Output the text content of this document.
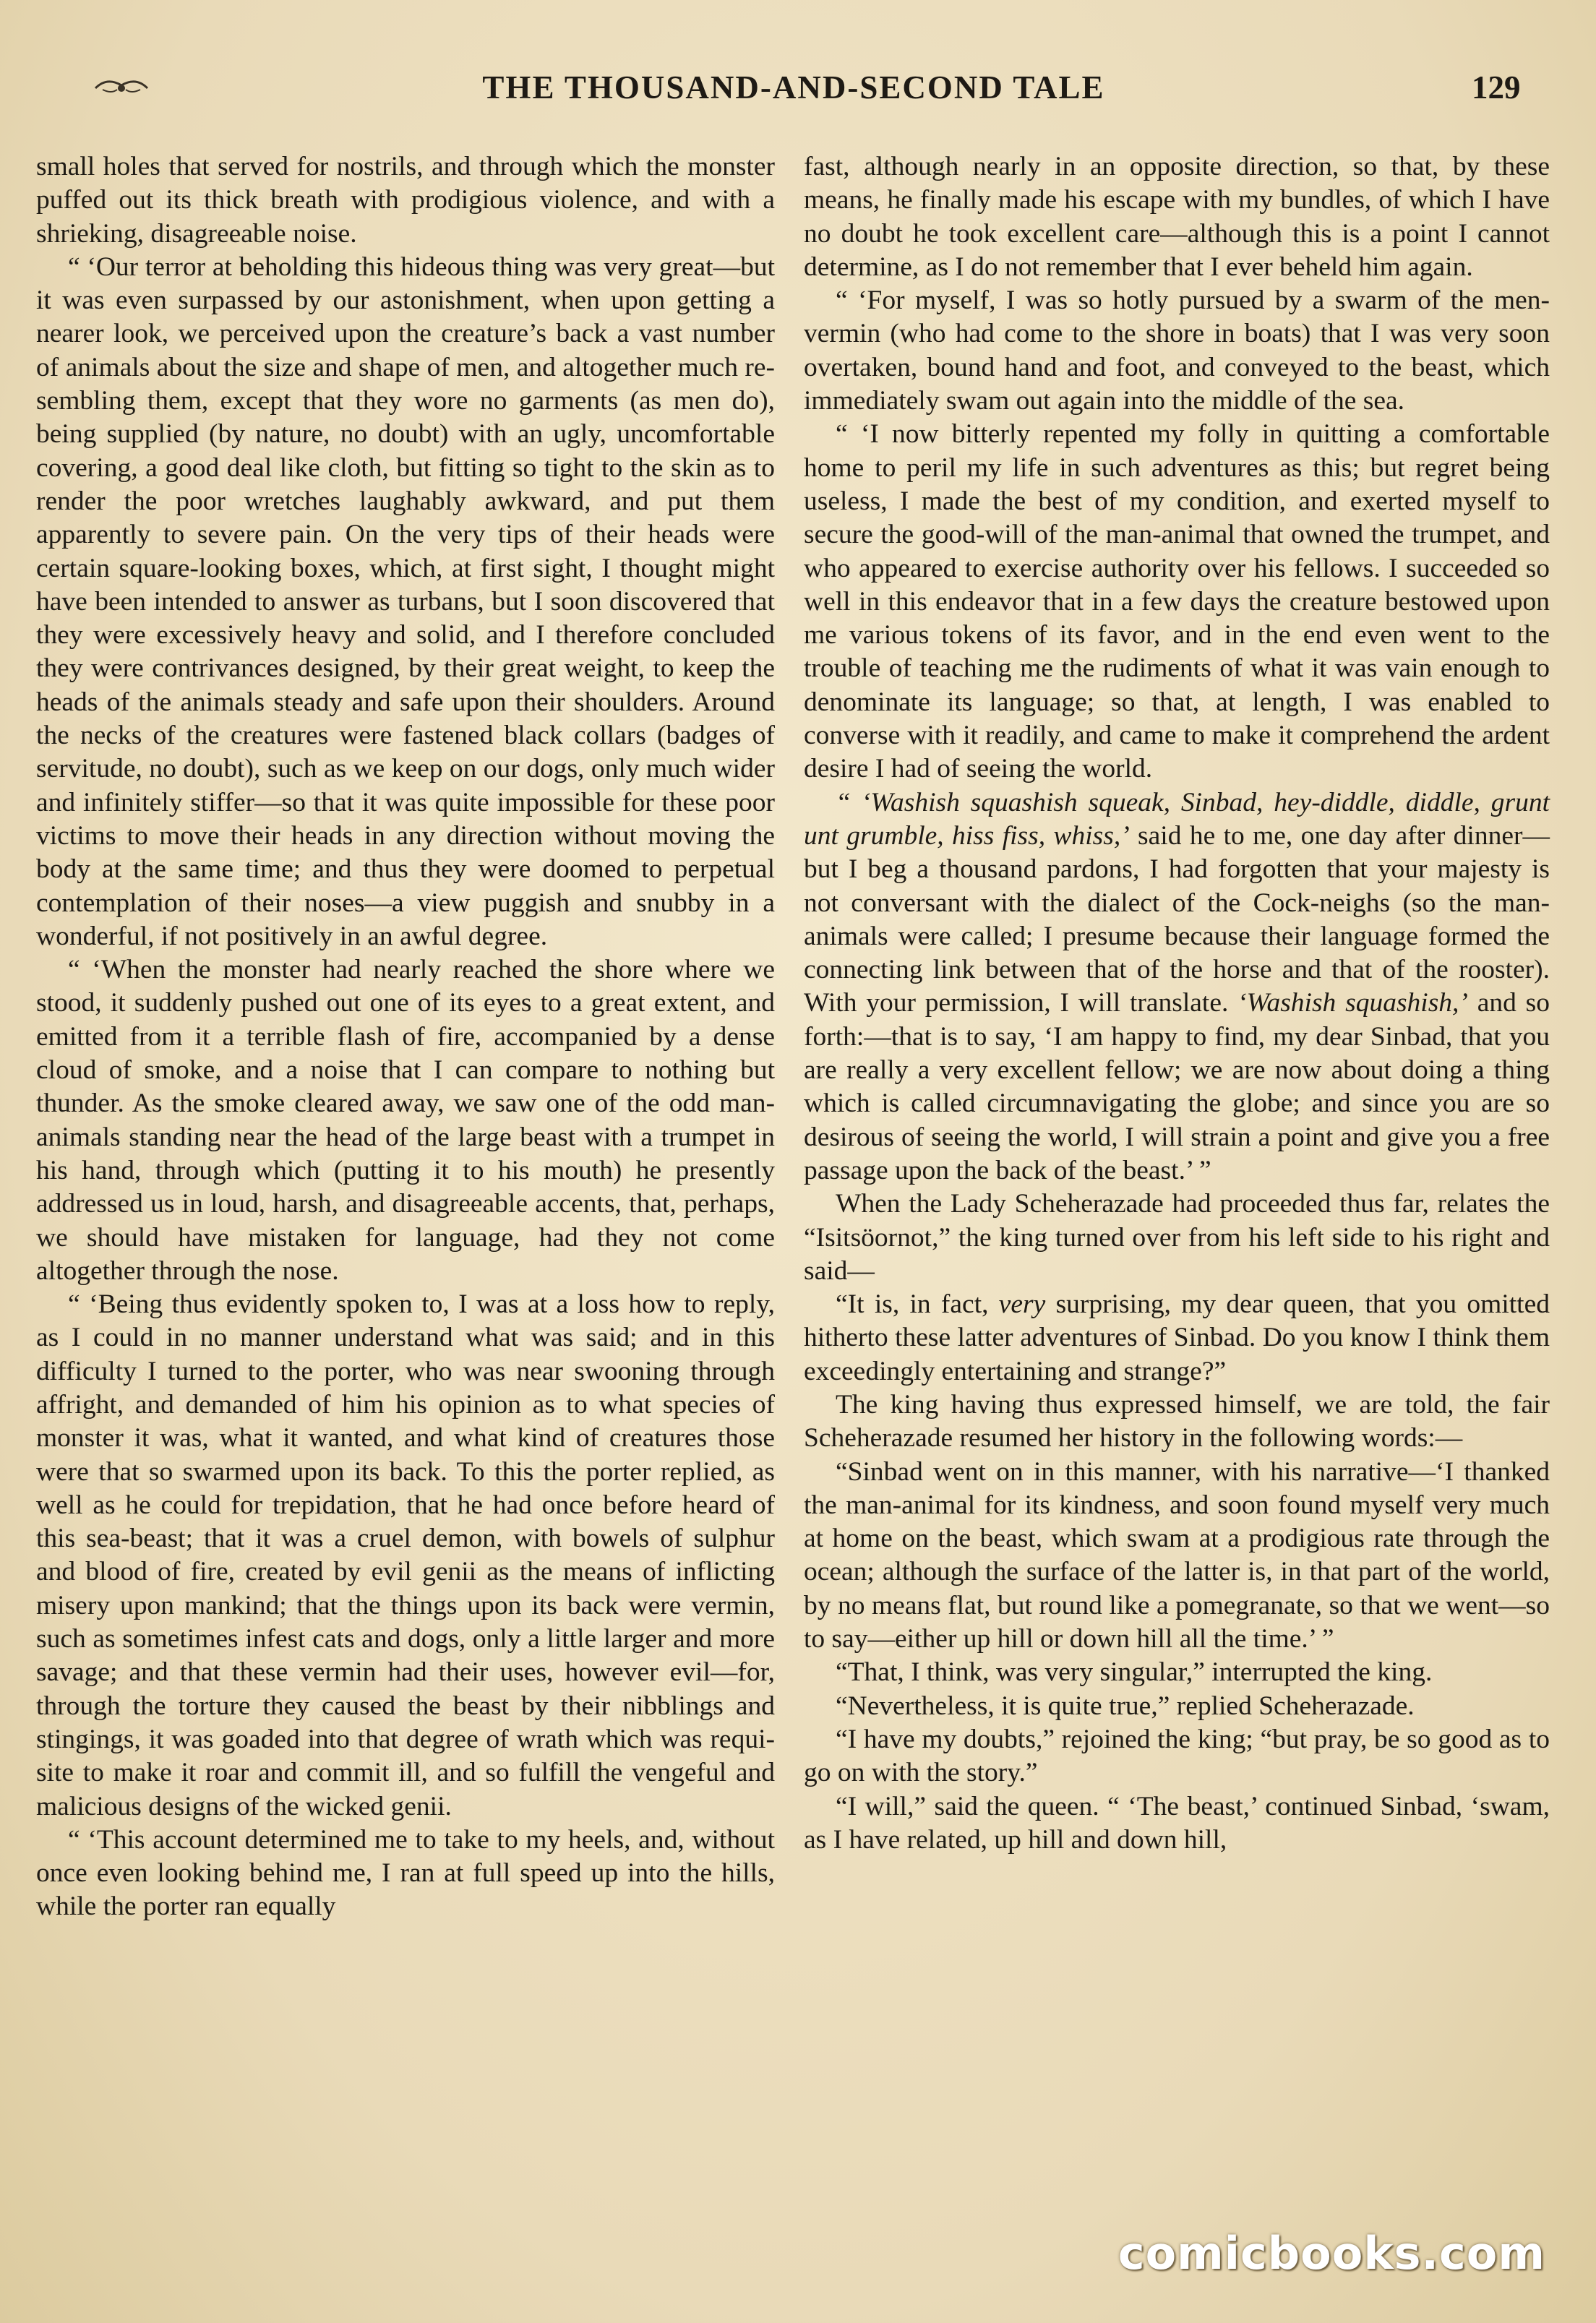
THE THOUSAND-AND-SECOND TALE	129

small holes that served for nostrils, and through which the monster puffed out its thick breath with prodigious violence, and with a shrieking, disagreeable noise.

“ ‘Our terror at beholding this hideous thing was very great—but it was even surpassed by our astonishment, when upon getting a nearer look, we perceived upon the creature’s back a vast number of animals about the size and shape of men, and altogether much resembling them, except that they wore no garments (as men do), being supplied (by nature, no doubt) with an ugly, uncomfortable covering, a good deal like cloth, but fitting so tight to the skin as to render the poor wretches laughably awkward, and put them apparently to severe pain. On the very tips of their heads were certain square-looking boxes, which, at first sight, I thought might have been intended to answer as turbans, but I soon discovered that they were excessively heavy and solid, and I therefore concluded they were contrivances designed, by their great weight, to keep the heads of the animals steady and safe upon their shoulders. Around the necks of the creatures were fastened black collars (badges of servitude, no doubt), such as we keep on our dogs, only much wider and infinitely stiffer—so that it was quite impossible for these poor victims to move their heads in any direction without moving the body at the same time; and thus they were doomed to perpetual contemplation of their noses—a view puggish and snubby in a wonderful, if not positively in an awful degree.

“ ‘When the monster had nearly reached the shore where we stood, it suddenly pushed out one of its eyes to a great extent, and emitted from it a terrible flash of fire, accompanied by a dense cloud of smoke, and a noise that I can compare to nothing but thunder. As the smoke cleared away, we saw one of the odd man-animals standing near the head of the large beast with a trumpet in his hand, through which (putting it to his mouth) he presently addressed us in loud, harsh, and disagreeable accents, that, perhaps, we should have mistaken for language, had they not come altogether through the nose.

“ ‘Being thus evidently spoken to, I was at a loss how to reply, as I could in no manner understand what was said; and in this difficulty I turned to the porter, who was near swooning through affright, and demanded of him his opinion as to what species of monster it was, what it wanted, and what kind of creatures those were that so swarmed upon its back. To this the porter replied, as well as he could for trepidation, that he had once before heard of this sea-beast; that it was a cruel demon, with bowels of sulphur and blood of fire, created by evil genii as the means of inflicting misery upon mankind; that the things upon its back were vermin, such as sometimes infest cats and dogs, only a little larger and more savage; and that these vermin had their uses, however evil—for, through the torture they caused the beast by their nibblings and stingings, it was goaded into that degree of wrath which was requisite to make it roar and commit ill, and so fulfill the vengeful and malicious designs of the wicked genii.

“ ‘This account determined me to take to my heels, and, without once even looking behind me, I ran at full speed up into the hills, while the porter ran equally

fast, although nearly in an opposite direction, so that, by these means, he finally made his escape with my bundles, of which I have no doubt he took excellent care—although this is a point I cannot determine, as I do not remember that I ever beheld him again.

“ ‘For myself, I was so hotly pursued by a swarm of the men-vermin (who had come to the shore in boats) that I was very soon overtaken, bound hand and foot, and conveyed to the beast, which immediately swam out again into the middle of the sea.

“ ‘I now bitterly repented my folly in quitting a comfortable home to peril my life in such adventures as this; but regret being useless, I made the best of my condition, and exerted myself to secure the good-will of the man-animal that owned the trumpet, and who appeared to exercise authority over his fellows. I succeeded so well in this endeavor that in a few days the creature bestowed upon me various tokens of its favor, and in the end even went to the trouble of teaching me the rudiments of what it was vain enough to denominate its language; so that, at length, I was enabled to converse with it readily, and came to make it comprehend the ardent desire I had of seeing the world.

“ ‘Washish squashish squeak, Sinbad, hey-diddle, diddle, grunt unt grumble, hiss fiss, whiss,’ said he to me, one day after dinner—but I beg a thousand pardons, I had forgotten that your majesty is not conversant with the dialect of the Cock-neighs (so the man-animals were called; I presume because their language formed the connecting link between that of the horse and that of the rooster). With your permission, I will translate. ‘Washish squashish,’ and so forth:—that is to say, ‘I am happy to find, my dear Sinbad, that you are really a very excellent fellow; we are now about doing a thing which is called circumnavigating the globe; and since you are so desirous of seeing the world, I will strain a point and give you a free passage upon the back of the beast.’ ”

When the Lady Scheherazade had proceeded thus far, relates the “Isitsöornot,” the king turned over from his left side to his right and said—

“It is, in fact, very surprising, my dear queen, that you omitted hitherto these latter adventures of Sinbad. Do you know I think them exceedingly entertaining and strange?”

The king having thus expressed himself, we are told, the fair Scheherazade resumed her history in the following words:—

“Sinbad went on in this manner, with his narrative—‘I thanked the man-animal for its kindness, and soon found myself very much at home on the beast, which swam at a prodigious rate through the ocean; although the surface of the latter is, in that part of the world, by no means flat, but round like a pomegranate, so that we went—so to say—either up hill or down hill all the time.’ ”

“That, I think, was very singular,” interrupted the king.

“Nevertheless, it is quite true,” replied Scheherazade.

“I have my doubts,” rejoined the king; “but pray, be so good as to go on with the story.”

“I will,” said the queen. “ ‘The beast,’ continued Sinbad, ‘swam, as I have related, up hill and down hill,

comicbooks.com
